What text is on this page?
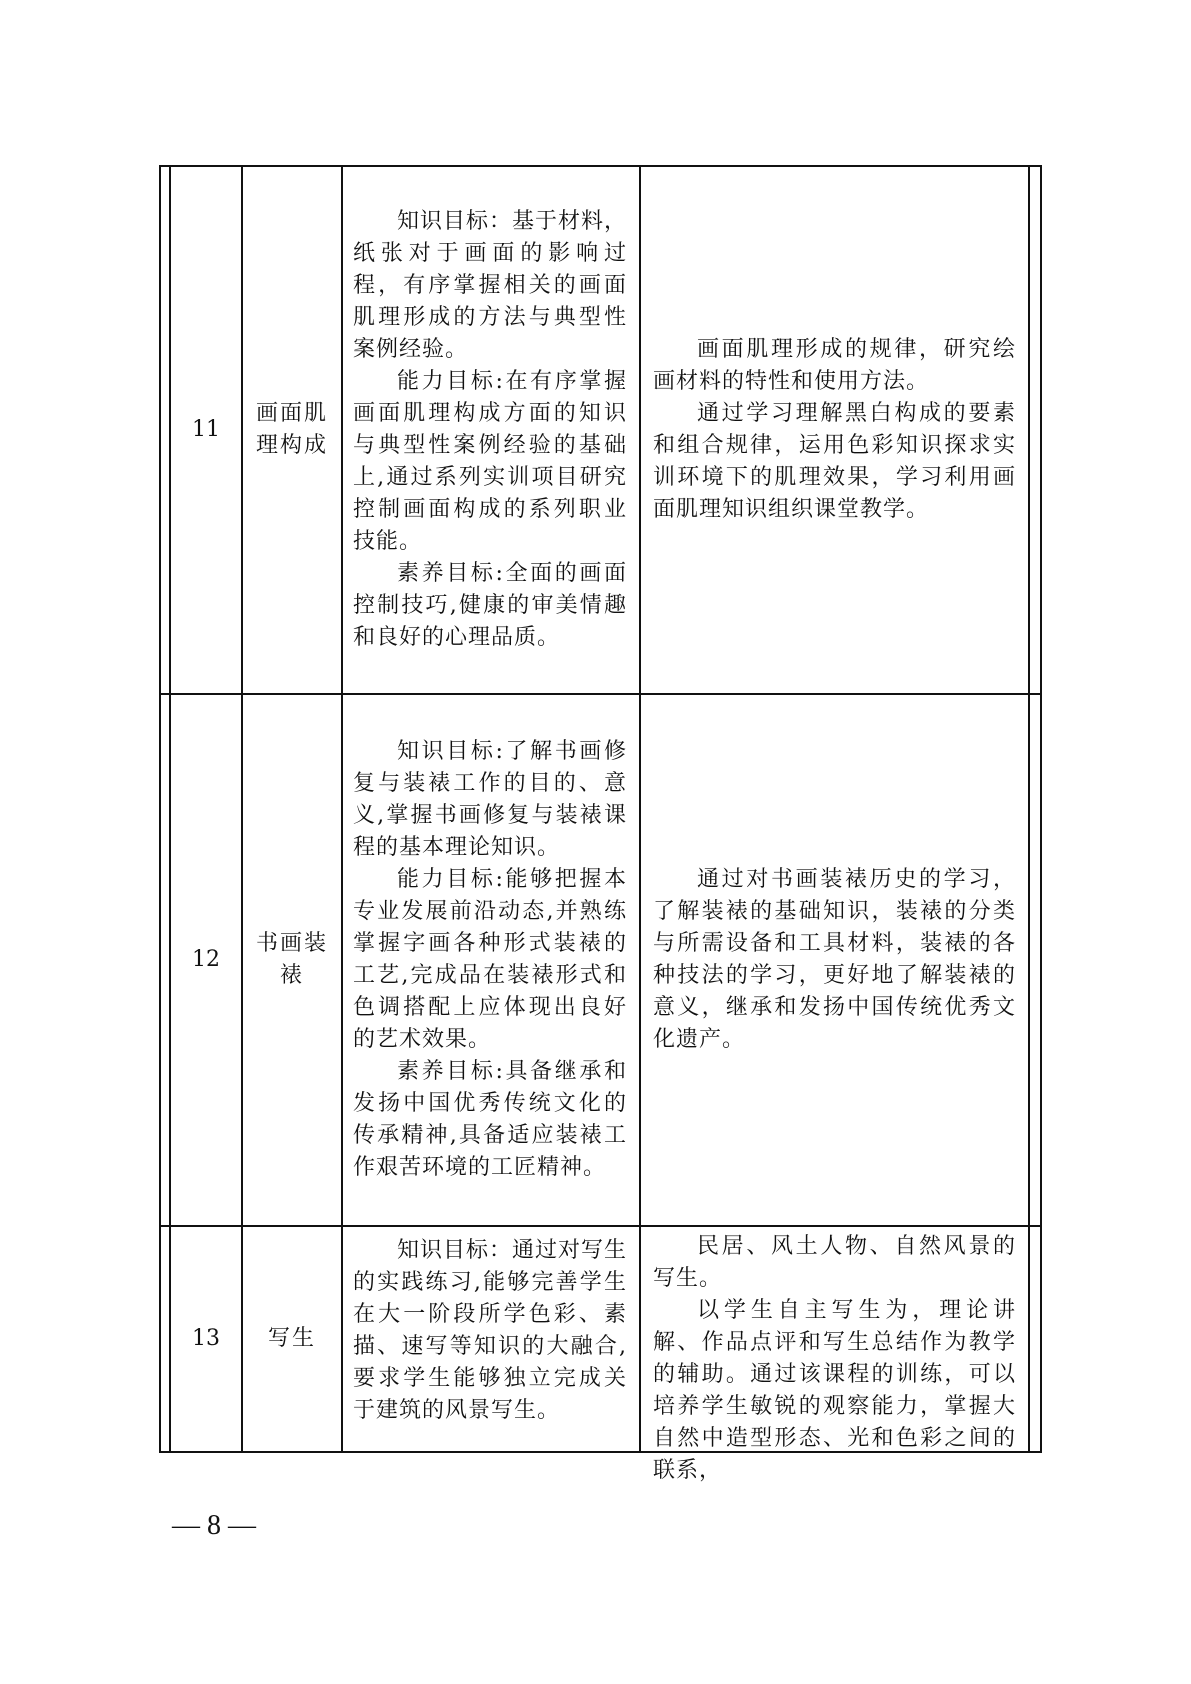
11
画面肌理构成

知识目标：基于材料，纸张对于画面的影响过程，有序掌握相关的画面肌理形成的方法与典型性案例经验。

能力目标:在有序掌握画面肌理构成方面的知识与典型性案例经验的基础上,通过系列实训项目研究控制画面构成的系列职业技能。

素养目标:全面的画面控制技巧,健康的审美情趣和良好的心理品质。

画面肌理形成的规律，研究绘画材料的特性和使用方法。

通过学习理解黑白构成的要素和组合规律，运用色彩知识探求实训环境下的肌理效果，学习利用画面肌理知识组织课堂教学。

12
书画装裱

知识目标:了解书画修复与装裱工作的目的、意义,掌握书画修复与装裱课程的基本理论知识。

能力目标:能够把握本专业发展前沿动态,并熟练掌握字画各种形式装裱的工艺,完成品在装裱形式和色调搭配上应体现出良好的艺术效果。

素养目标:具备继承和发扬中国优秀传统文化的传承精神,具备适应装裱工作艰苦环境的工匠精神。

通过对书画装裱历史的学习，了解装裱的基础知识，装裱的分类与所需设备和工具材料，装裱的各种技法的学习，更好地了解装裱的意义，继承和发扬中国传统优秀文化遗产。

13	写生

知识目标：通过对写生的实践练习,能够完善学生在大一阶段所学色彩、素描、速写等知识的大融合,要求学生能够独立完成关于建筑的风景写生。

民居、风土人物、自然风景的写生。

以学生自主写生为，理论讲解、作品点评和写生总结作为教学的辅助。通过该课程的训练，可以培养学生敏锐的观察能力，掌握大自然中造型形态、光和色彩之间的联系，

— 8 —
